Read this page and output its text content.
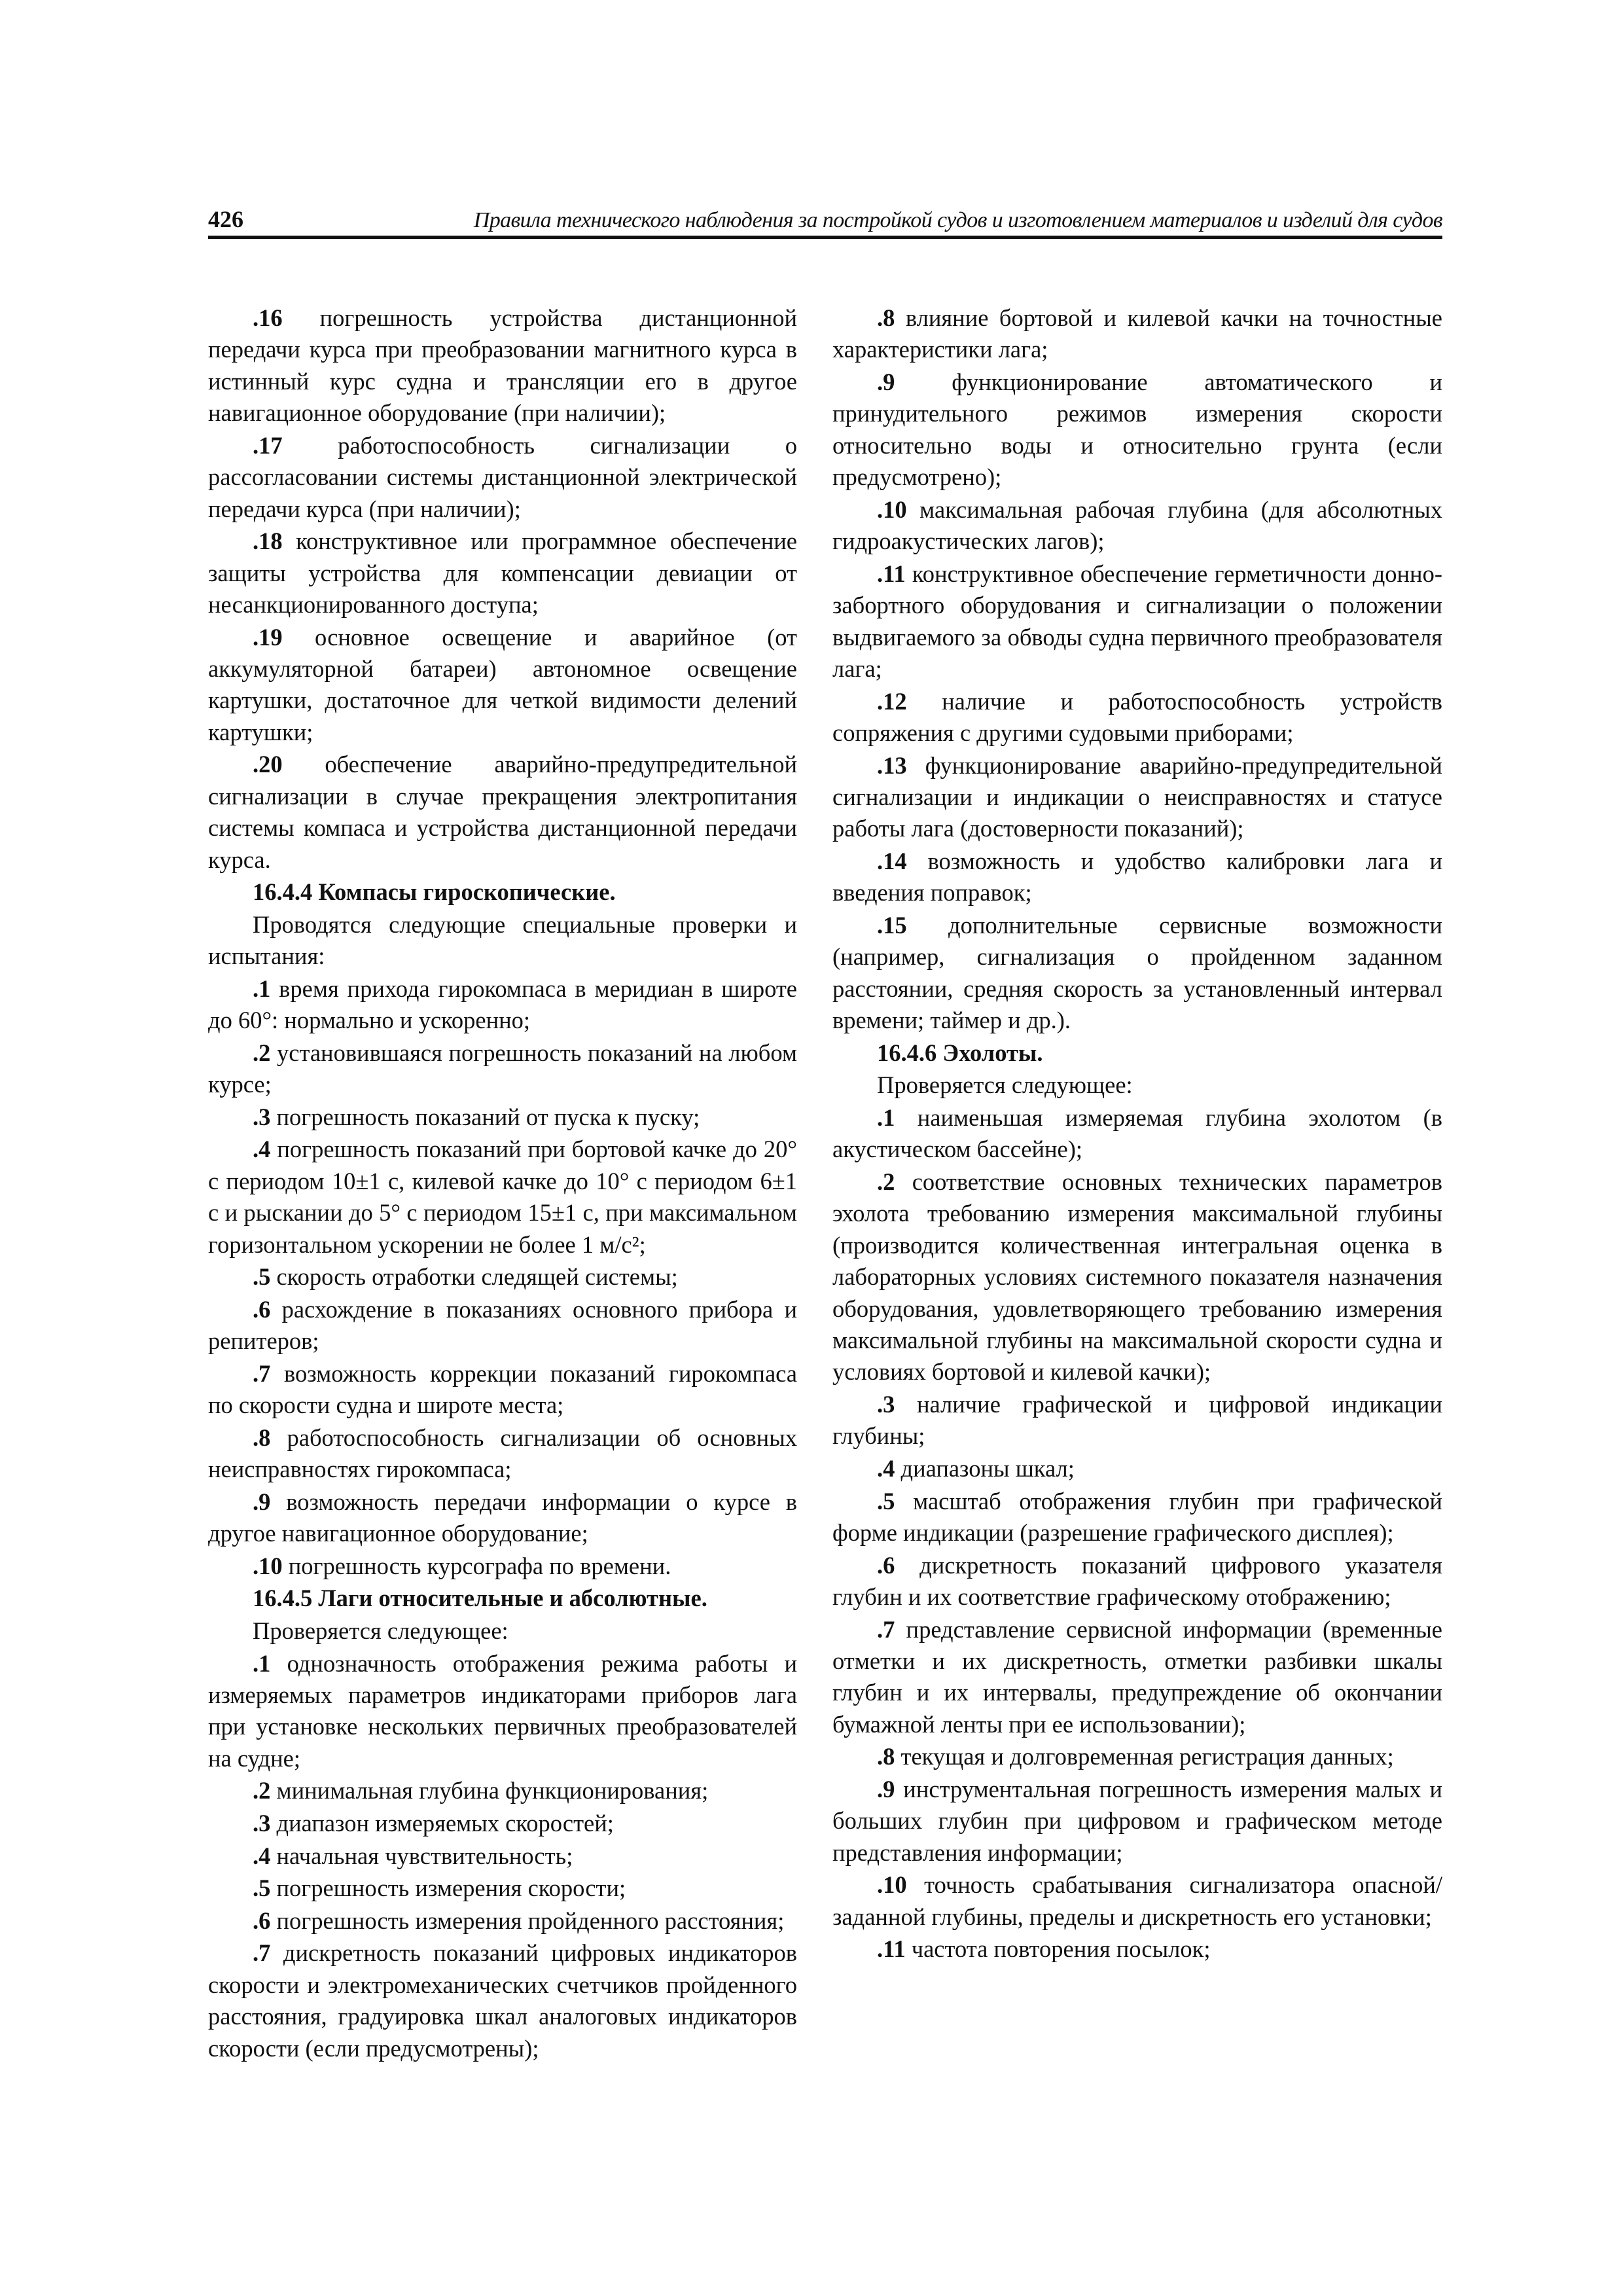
426	Правила технического наблюдения за постройкой судов и изготовлением материалов и изделий для судов

.16 погрешность устройства дистанционной передачи курса при преобразовании магнитного курса в истинный курс судна и трансляции его в другое навигационное оборудование (при наличии);

.17 работоспособность сигнализации о рассогласовании системы дистанционной электрической передачи курса (при наличии);

.18 конструктивное или программное обеспечение защиты устройства для компенсации девиации от несанкционированного доступа;

.19 основное освещение и аварийное (от аккумуляторной батареи) автономное освещение картушки, достаточное для четкой видимости делений картушки;

.20 обеспечение аварийно-предупредительной сигнализации в случае прекращения электропитания системы компаса и устройства дистанционной передачи курса.

16.4.4 Компасы гироскопические.

Проводятся следующие специальные проверки и испытания:

.1 время прихода гирокомпаса в меридиан в широте до 60°: нормально и ускоренно;

.2 установившаяся погрешность показаний на любом курсе;

.3 погрешность показаний от пуска к пуску;

.4 погрешность показаний при бортовой качке до 20° с периодом 10±1 с, килевой качке до 10° с периодом 6±1 с и рыскании до 5° с периодом 15±1 с, при максимальном горизонтальном ускорении не более 1 м/с²;

.5 скорость отработки следящей системы;

.6 расхождение в показаниях основного прибора и репитеров;

.7 возможность коррекции показаний гирокомпаса по скорости судна и широте места;

.8 работоспособность сигнализации об основных неисправностях гирокомпаса;

.9 возможность передачи информации о курсе в другое навигационное оборудование;

.10 погрешность курсографа по времени.

16.4.5 Лаги относительные и абсолютные.

Проверяется следующее:

.1 однозначность отображения режима работы и измеряемых параметров индикаторами приборов лага при установке нескольких первичных преобразователей на судне;

.2 минимальная глубина функционирования;

.3 диапазон измеряемых скоростей;

.4 начальная чувствительность;

.5 погрешность измерения скорости;

.6 погрешность измерения пройденного расстояния;

.7 дискретность показаний цифровых индикаторов скорости и электромеханических счетчиков пройденного расстояния, градуировка шкал аналоговых индикаторов скорости (если предусмотрены);

.8 влияние бортовой и килевой качки на точностные характеристики лага;

.9 функционирование автоматического и принудительного режимов измерения скорости относительно воды и относительно грунта (если предусмотрено);

.10 максимальная рабочая глубина (для абсолютных гидроакустических лагов);

.11 конструктивное обеспечение герметичности донно-забортного оборудования и сигнализации о положении выдвигаемого за обводы судна первичного преобразователя лага;

.12 наличие и работоспособность устройств сопряжения с другими судовыми приборами;

.13 функционирование аварийно-предупредительной сигнализации и индикации о неисправностях и статусе работы лага (достоверности показаний);

.14 возможность и удобство калибровки лага и введения поправок;

.15 дополнительные сервисные возможности (например, сигнализация о пройденном заданном расстоянии, средняя скорость за установленный интервал времени; таймер и др.).

16.4.6 Эхолоты.

Проверяется следующее:

.1 наименьшая измеряемая глубина эхолотом (в акустическом бассейне);

.2 соответствие основных технических параметров эхолота требованию измерения максимальной глубины (производится количественная интегральная оценка в лабораторных условиях системного показателя назначения оборудования, удовлетворяющего требованию измерения максимальной глубины на максимальной скорости судна и условиях бортовой и килевой качки);

.3 наличие графической и цифровой индикации глубины;

.4 диапазоны шкал;

.5 масштаб отображения глубин при графической форме индикации (разрешение графического дисплея);

.6 дискретность показаний цифрового указателя глубин и их соответствие графическому отображению;

.7 представление сервисной информации (временные отметки и их дискретность, отметки разбивки шкалы глубин и их интервалы, предупреждение об окончании бумажной ленты при ее использовании);

.8 текущая и долговременная регистрация данных;

.9 инструментальная погрешность измерения малых и больших глубин при цифровом и графическом методе представления информации;

.10 точность срабатывания сигнализатора опасной/заданной глубины, пределы и дискретность его установки;

.11 частота повторения посылок;
